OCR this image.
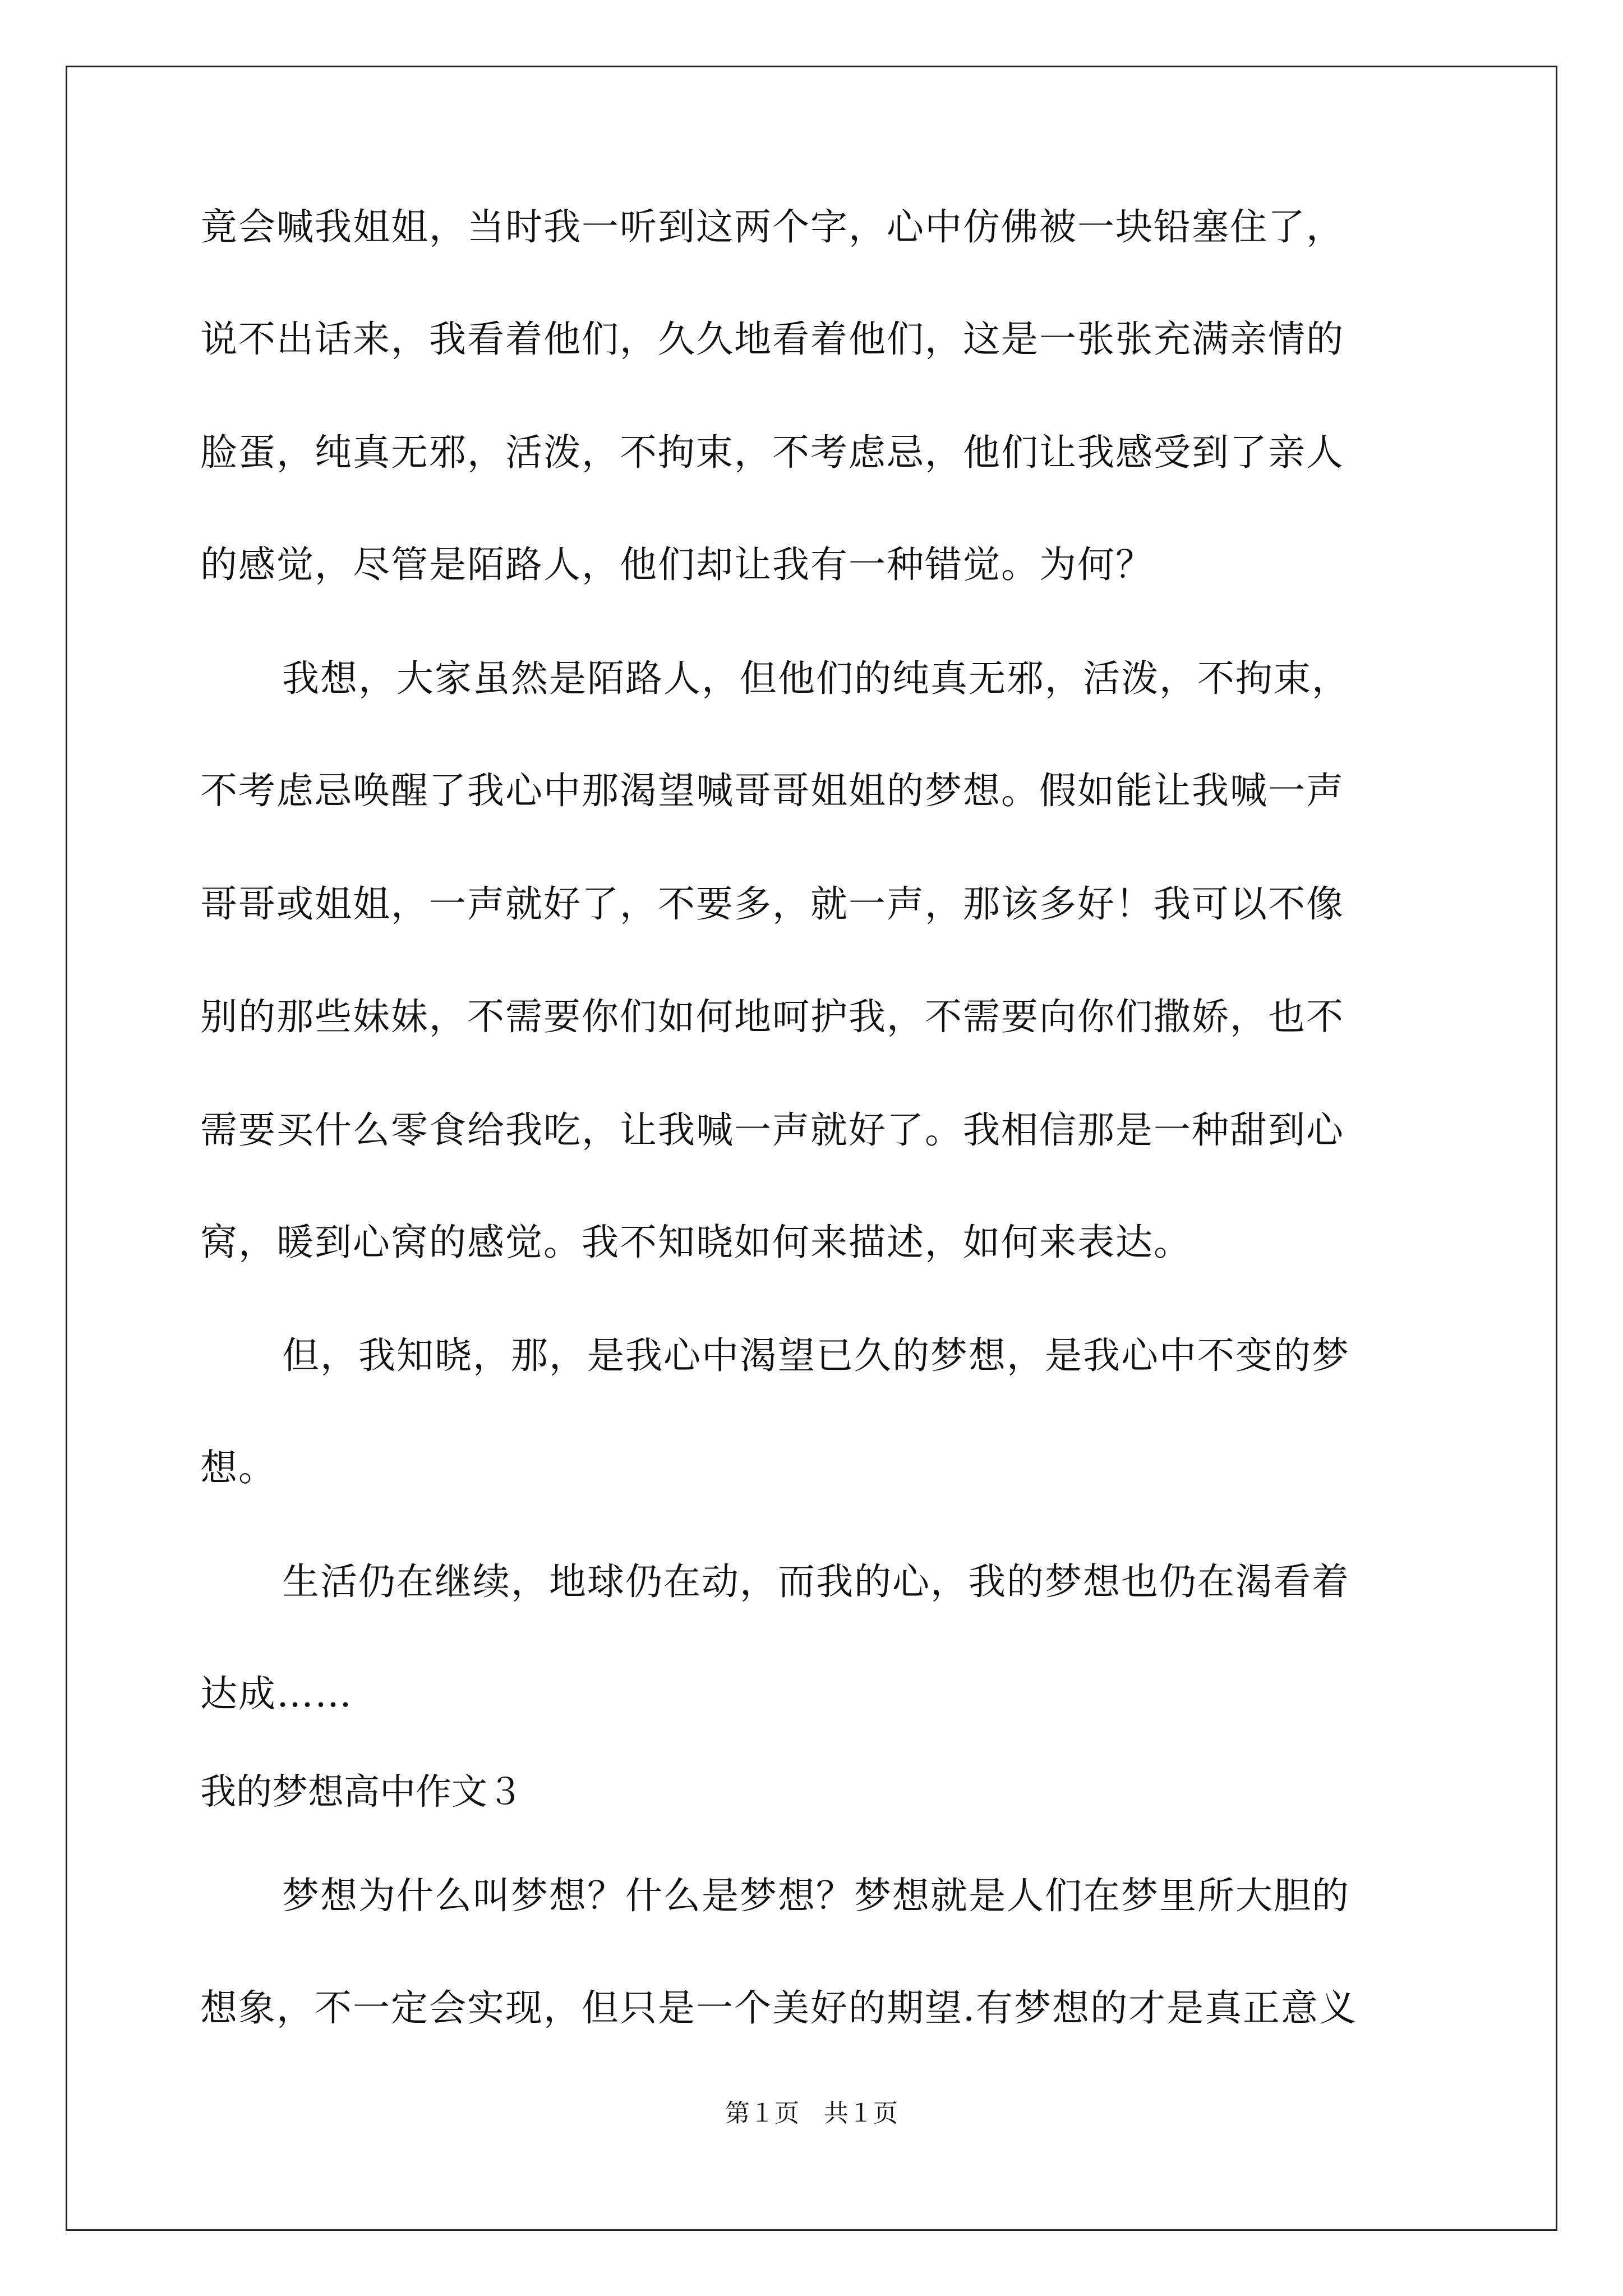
竟会喊我姐姐，当时我一听到这两个字，心中仿佛被一块铅塞住了，
说不出话来，我看着他们，久久地看着他们，这是一张张充满亲情的
脸蛋，纯真无邪，活泼，不拘束，不考虑忌，他们让我感受到了亲人
的感觉，尽管是陌路人，他们却让我有一种错觉。为何？
我想，大家虽然是陌路人，但他们的纯真无邪，活泼，不拘束，
不考虑忌唤醒了我心中那渴望喊哥哥姐姐的梦想。假如能让我喊一声
哥哥或姐姐，一声就好了，不要多，就一声，那该多好！我可以不像
别的那些妹妹，不需要你们如何地呵护我，不需要向你们撒娇，也不
需要买什么零食给我吃，让我喊一声就好了。我相信那是一种甜到心
窝，暖到心窝的感觉。我不知晓如何来描述，如何来表达。
但，我知晓，那，是我心中渴望已久的梦想，是我心中不变的梦
想。
生活仍在继续，地球仍在动，而我的心，我的梦想也仍在渴看着
达成……
我的梦想高中作文３
梦想为什么叫梦想？什么是梦想？梦想就是人们在梦里所大胆的
想象，不一定会实现，但只是一个美好的期望.有梦想的才是真正意义
第１页　共１页
